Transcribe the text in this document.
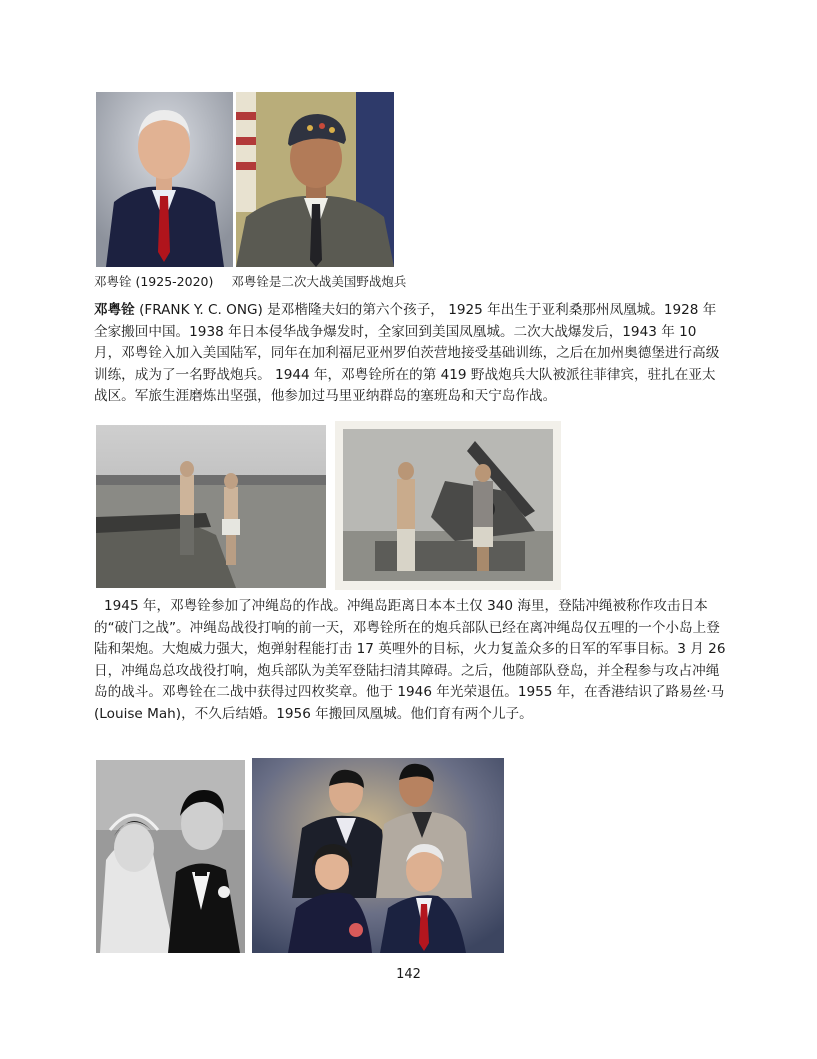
邓粤铨 (1925-2020) 邓粤铨是二次大战美国野战炮兵

邓粤铨 (FRANK Y. C. ONG) 是邓楷隆夫妇的第六个孩子， 1925 年出生于亚利桑那州凤凰城。1928 年全家搬回中国。1938 年日本侵华战争爆发时，全家回到美国凤凰城。二次大战爆发后，1943 年 10 月，邓粤铨入加入美国陆军，同年在加利福尼亚州罗伯茨营地接受基础训练，之后在加州奥德堡进行高级训练，成为了一名野战炮兵。 1944 年，邓粤铨所在的第 419 野战炮兵大队被派往菲律宾，驻扎在亚太战区。军旅生涯磨炼出坚强，他参加过马里亚纳群岛的塞班岛和天宁岛作战。

1945 年，邓粤铨参加了冲绳岛的作战。冲绳岛距离日本本土仅 340 海里，登陆冲绳被称作攻击日本的“破门之战”。冲绳岛战役打响的前一天，邓粤铨所在的炮兵部队已经在离冲绳岛仅五哩的一个小岛上登陆和架炮。大炮威力强大，炮弹射程能打击 17 英哩外的目标，火力复盖众多的日军的军事目标。3 月 26 日，冲绳岛总攻战役打响，炮兵部队为美军登陆扫清其障碍。之后，他随部队登岛，并全程参与攻占冲绳岛的战斗。邓粤铨在二战中获得过四枚奖章。他于 1946 年光荣退伍。1955 年，在香港结识了路易丝·马 (Louise Mah)，不久后结婚。1956 年搬回凤凰城。他们育有两个儿子。

142
